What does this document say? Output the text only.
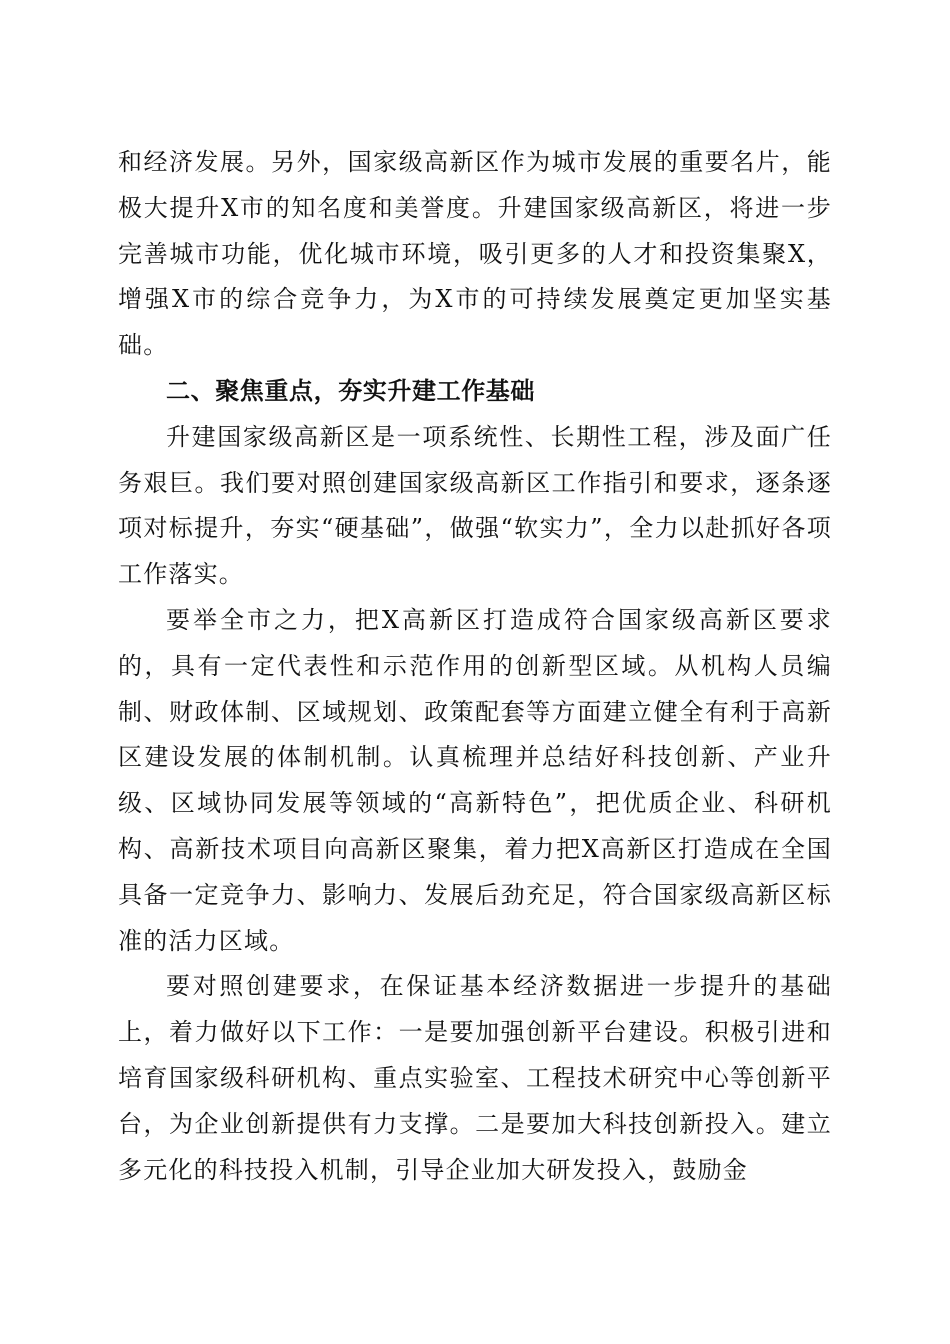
和经济发展。另外，国家级高新区作为城市发展的重要名片，能极大提升X市的知名度和美誉度。升建国家级高新区，将进一步完善城市功能，优化城市环境，吸引更多的人才和投资集聚X，增强X市的综合竞争力，为X市的可持续发展奠定更加坚实基础。

二、聚焦重点，夯实升建工作基础

升建国家级高新区是一项系统性、长期性工程，涉及面广任务艰巨。我们要对照创建国家级高新区工作指引和要求，逐条逐项对标提升，夯实“硬基础”，做强“软实力”，全力以赴抓好各项工作落实。

要举全市之力，把X高新区打造成符合国家级高新区要求的，具有一定代表性和示范作用的创新型区域。从机构人员编制、财政体制、区域规划、政策配套等方面建立健全有利于高新区建设发展的体制机制。认真梳理并总结好科技创新、产业升级、区域协同发展等领域的“高新特色”，把优质企业、科研机构、高新技术项目向高新区聚集，着力把X高新区打造成在全国具备一定竞争力、影响力、发展后劲充足，符合国家级高新区标准的活力区域。

要对照创建要求，在保证基本经济数据进一步提升的基础上，着力做好以下工作：一是要加强创新平台建设。积极引进和培育国家级科研机构、重点实验室、工程技术研究中心等创新平台，为企业创新提供有力支撑。二是要加大科技创新投入。建立多元化的科技投入机制，引导企业加大研发投入，鼓励金
